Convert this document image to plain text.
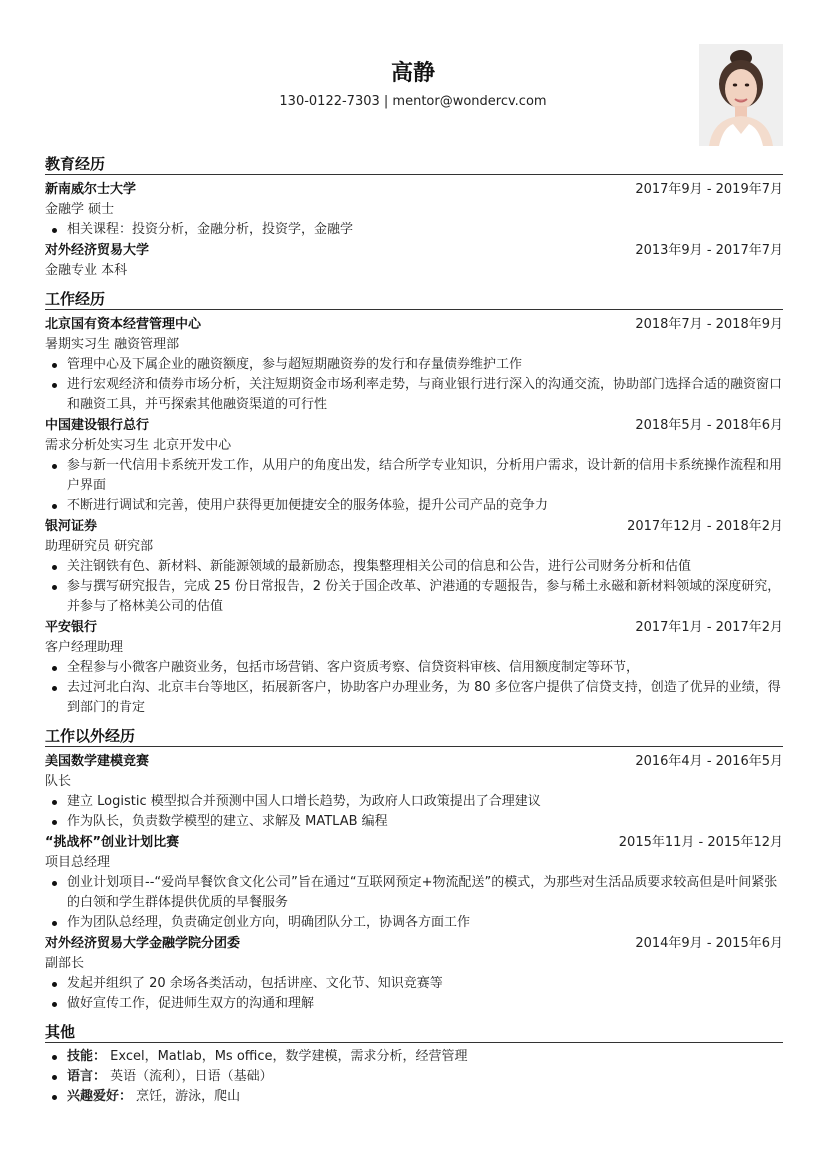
高静
130-0122-7303 | mentor@wondercv.com
教育经历
新南威尔士大学	2017年9月 - 2019年7月
金融学 硕士
相关课程：投资分析，金融分析，投资学，金融学
对外经济贸易大学	2013年9月 - 2017年7月
金融专业 本科
工作经历
北京国有资本经营管理中心	2018年7月 - 2018年9月
暑期实习生 融资管理部
管理中心及下属企业的融资额度，参与超短期融资券的发行和存量债券维护工作
进行宏观经济和债券市场分析，关注短期资金市场利率走势，与商业银行进行深入的沟通交流，协助部门选择合适的融资窗口和融资工具，并丐探索其他融资渠道的可行性
中国建设银行总行	2018年5月 - 2018年6月
需求分析处实习生 北京开发中心
参与新一代信用卡系统开发工作，从用户的角度出发，结合所学专业知识，分析用户需求，设计新的信用卡系统操作流程和用户界面
不断进行调试和完善，使用户获得更加便捷安全的服务体验，提升公司产品的竞争力
银河证券	2017年12月 - 2018年2月
助理研究员 研究部
关注钢铁有色、新材料、新能源领域的最新励态，搜集整理相关公司的信息和公告，进行公司财务分析和估值
参与撰写研究报告，完成 25 份日常报告，2 份关于国企改革、沪港通的专题报告，参与稀土永磁和新材料领域的深度研究，并参与了格林美公司的估值
平安银行	2017年1月 - 2017年2月
客户经理助理
全程参与小微客户融资业务，包括市场营销、客户资质考察、信贷资料审核、信用额度制定等环节，
去过河北白沟、北京丰台等地区，拓展新客户，协助客户办理业务，为 80 多位客户提供了信贷支持，创造了优异的业绩，得到部门的肯定
工作以外经历
美国数学建模竞赛	2016年4月 - 2016年5月
队长
建立 Logistic 模型拟合并预测中国人口增长趋势，为政府人口政策提出了合理建议
作为队长，负责数学模型的建立、求解及 MATLAB 编程
“挑战杯”创业计划比赛	2015年11月 - 2015年12月
项目总经理
创业计划项目--“爱尚早餐饮食文化公司”旨在通过“互联网预定+物流配送”的模式，为那些对生活品质要求较高但是叶间紧张的白领和学生群体提供优质的早餐服务
作为团队总经理，负责确定创业方向，明确团队分工，协调各方面工作
对外经济贸易大学金融学院分团委	2014年9月 - 2015年6月
副部长
发起并组织了 20 余场各类活动，包括讲座、文化节、知识竞赛等
做好宣传工作，促进师生双方的沟通和理解
其他
技能： Excel，Matlab，Ms office，数学建模，需求分析，经营管理
语言： 英语（流利），日语（基础）
兴趣爱好： 烹饪，游泳，爬山
